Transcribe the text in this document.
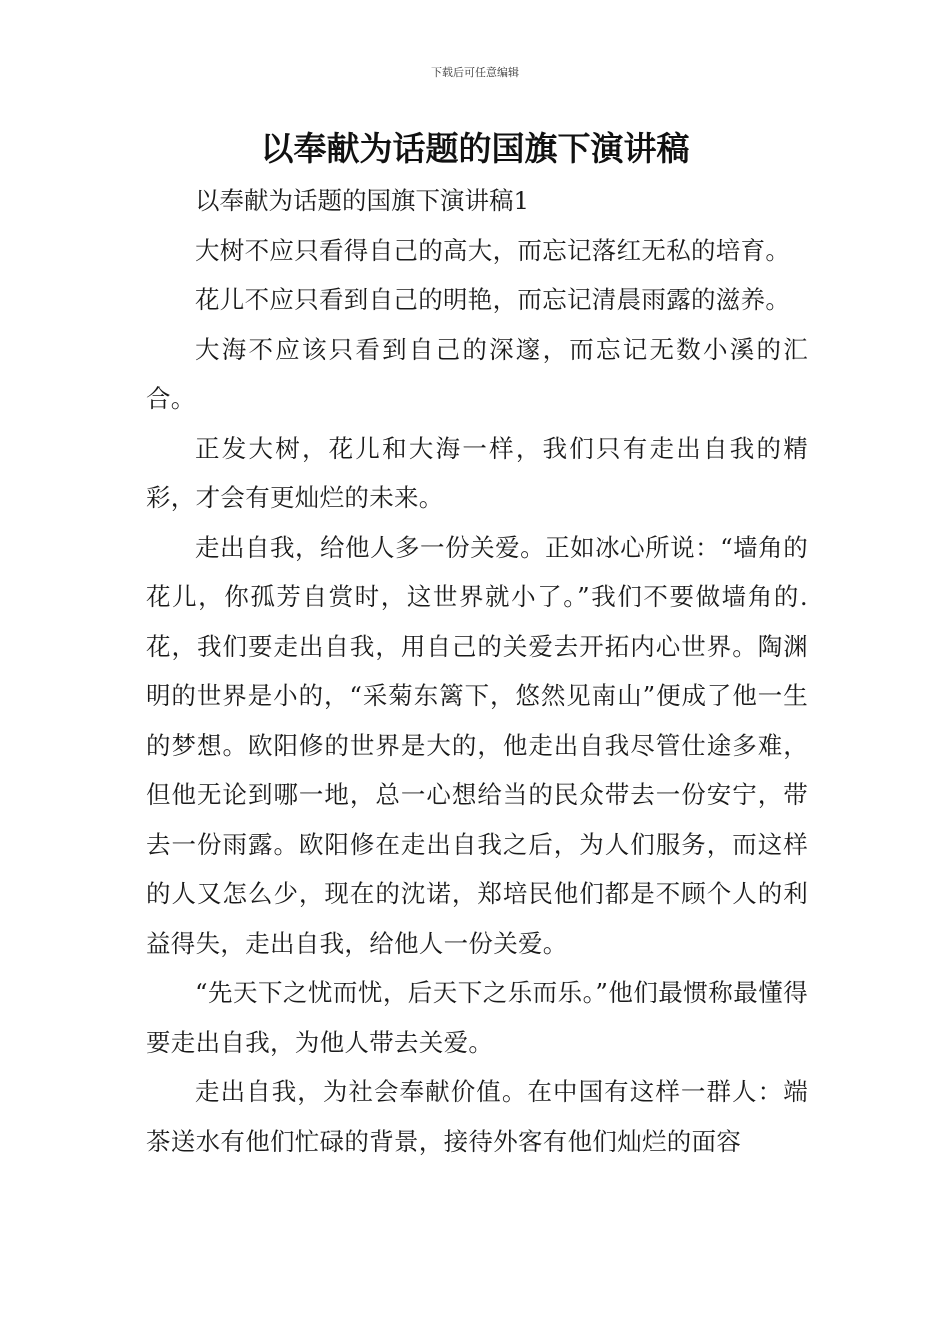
下载后可任意编辑
以奉献为话题的国旗下演讲稿

以奉献为话题的国旗下演讲稿1

大树不应只看得自己的高大，而忘记落红无私的培育。

花儿不应只看到自己的明艳，而忘记清晨雨露的滋养。

大海不应该只看到自己的深邃，而忘记无数小溪的汇合。

正发大树，花儿和大海一样，我们只有走出自我的精彩，才会有更灿烂的未来。

走出自我，给他人多一份关爱。正如冰心所说：“墙角的花儿，你孤芳自赏时，这世界就小了。”我们不要做墙角的.花，我们要走出自我，用自己的关爱去开拓内心世界。陶渊明的世界是小的，“采菊东篱下，悠然见南山”便成了他一生的梦想。欧阳修的世界是大的，他走出自我尽管仕途多难，但他无论到哪一地，总一心想给当的民众带去一份安宁，带去一份雨露。欧阳修在走出自我之后，为人们服务，而这样的人又怎么少，现在的沈诺，郑培民他们都是不顾个人的利益得失，走出自我，给他人一份关爱。

“先天下之忧而忧，后天下之乐而乐。”他们最惯称最懂得要走出自我，为他人带去关爱。

走出自我，为社会奉献价值。在中国有这样一群人：端茶送水有他们忙碌的背景，接待外客有他们灿烂的面容
